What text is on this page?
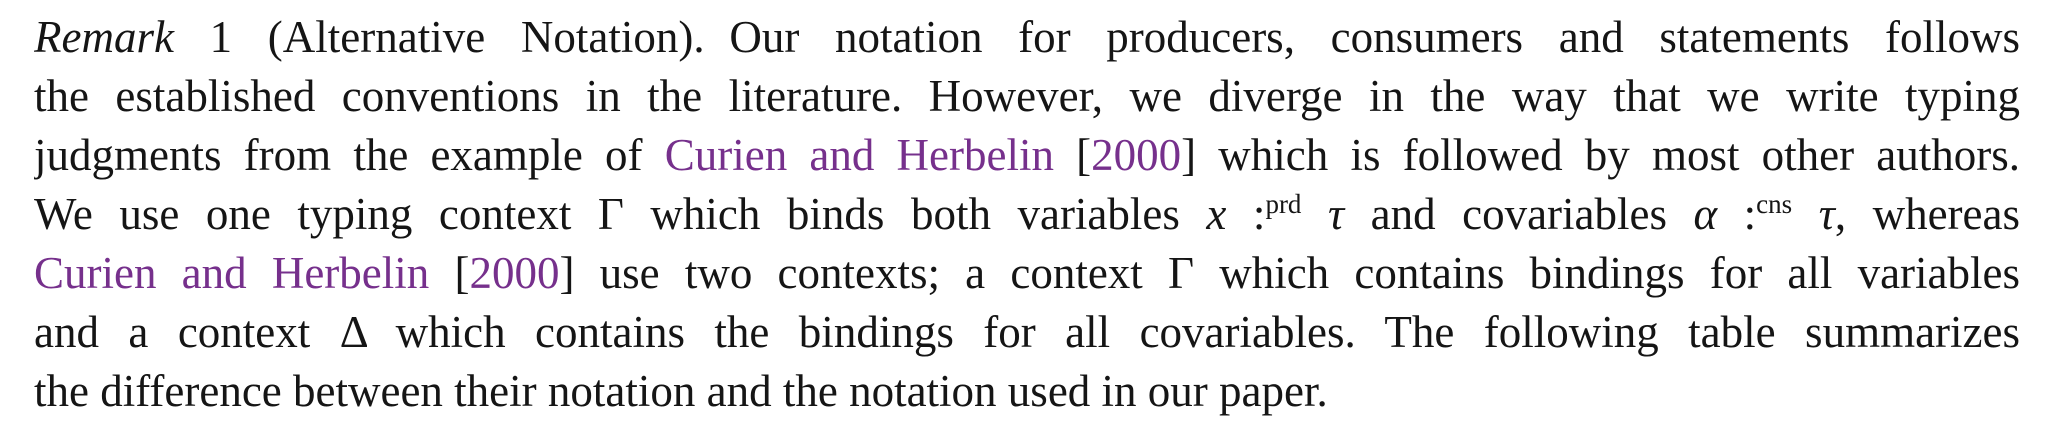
Remark 1 (Alternative Notation). Our notation for producers, consumers and statements follows
the established conventions in the literature. However, we diverge in the way that we write typing
judgments from the example of Curien and Herbelin [2000] which is followed by most other authors.
We use one typing context Γ which binds both variables x :$^{prd}$ τ and covariables α :$^{cns}$ τ, whereas
Curien and Herbelin [2000] use two contexts; a context Γ which contains bindings for all variables
and a context Δ which contains the bindings for all covariables. The following table summarizes
the difference between their notation and the notation used in our paper.
